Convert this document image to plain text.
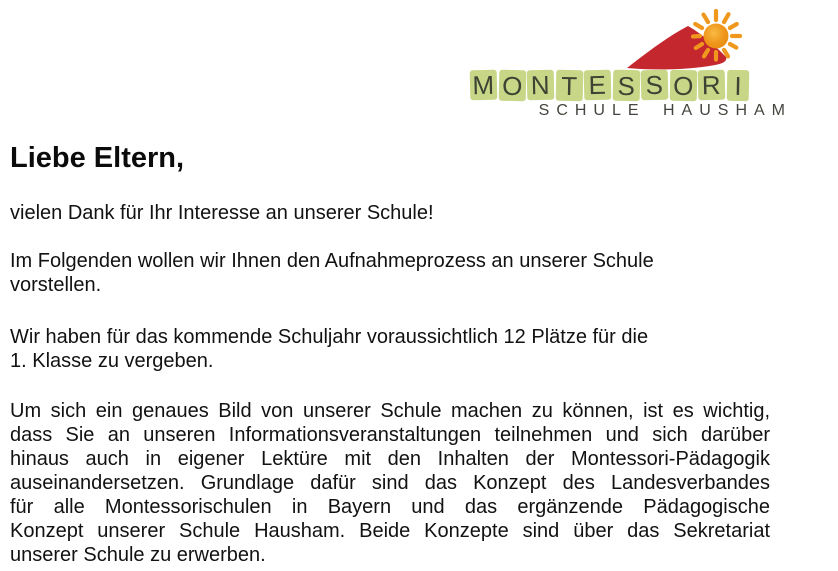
M O N T E S S O R I
SCHULE HAUSHAM
Liebe Eltern,
vielen Dank für Ihr Interesse an unserer Schule!
Im Folgenden wollen wir Ihnen den Aufnahmeprozess an unserer Schule
vorstellen.
Wir haben für das kommende Schuljahr voraussichtlich 12 Plätze für die
1. Klasse zu vergeben.
Um sich ein genaues Bild von unserer Schule machen zu können, ist es wichtig,
dass Sie an unseren Informationsveranstaltungen teilnehmen und sich darüber
hinaus auch in eigener Lektüre mit den Inhalten der Montessori-Pädagogik
auseinandersetzen. Grundlage dafür sind das Konzept des Landesverbandes
für alle Montessorischulen in Bayern und das ergänzende Pädagogische
Konzept unserer Schule Hausham. Beide Konzepte sind über das Sekretariat
unserer Schule zu erwerben.
